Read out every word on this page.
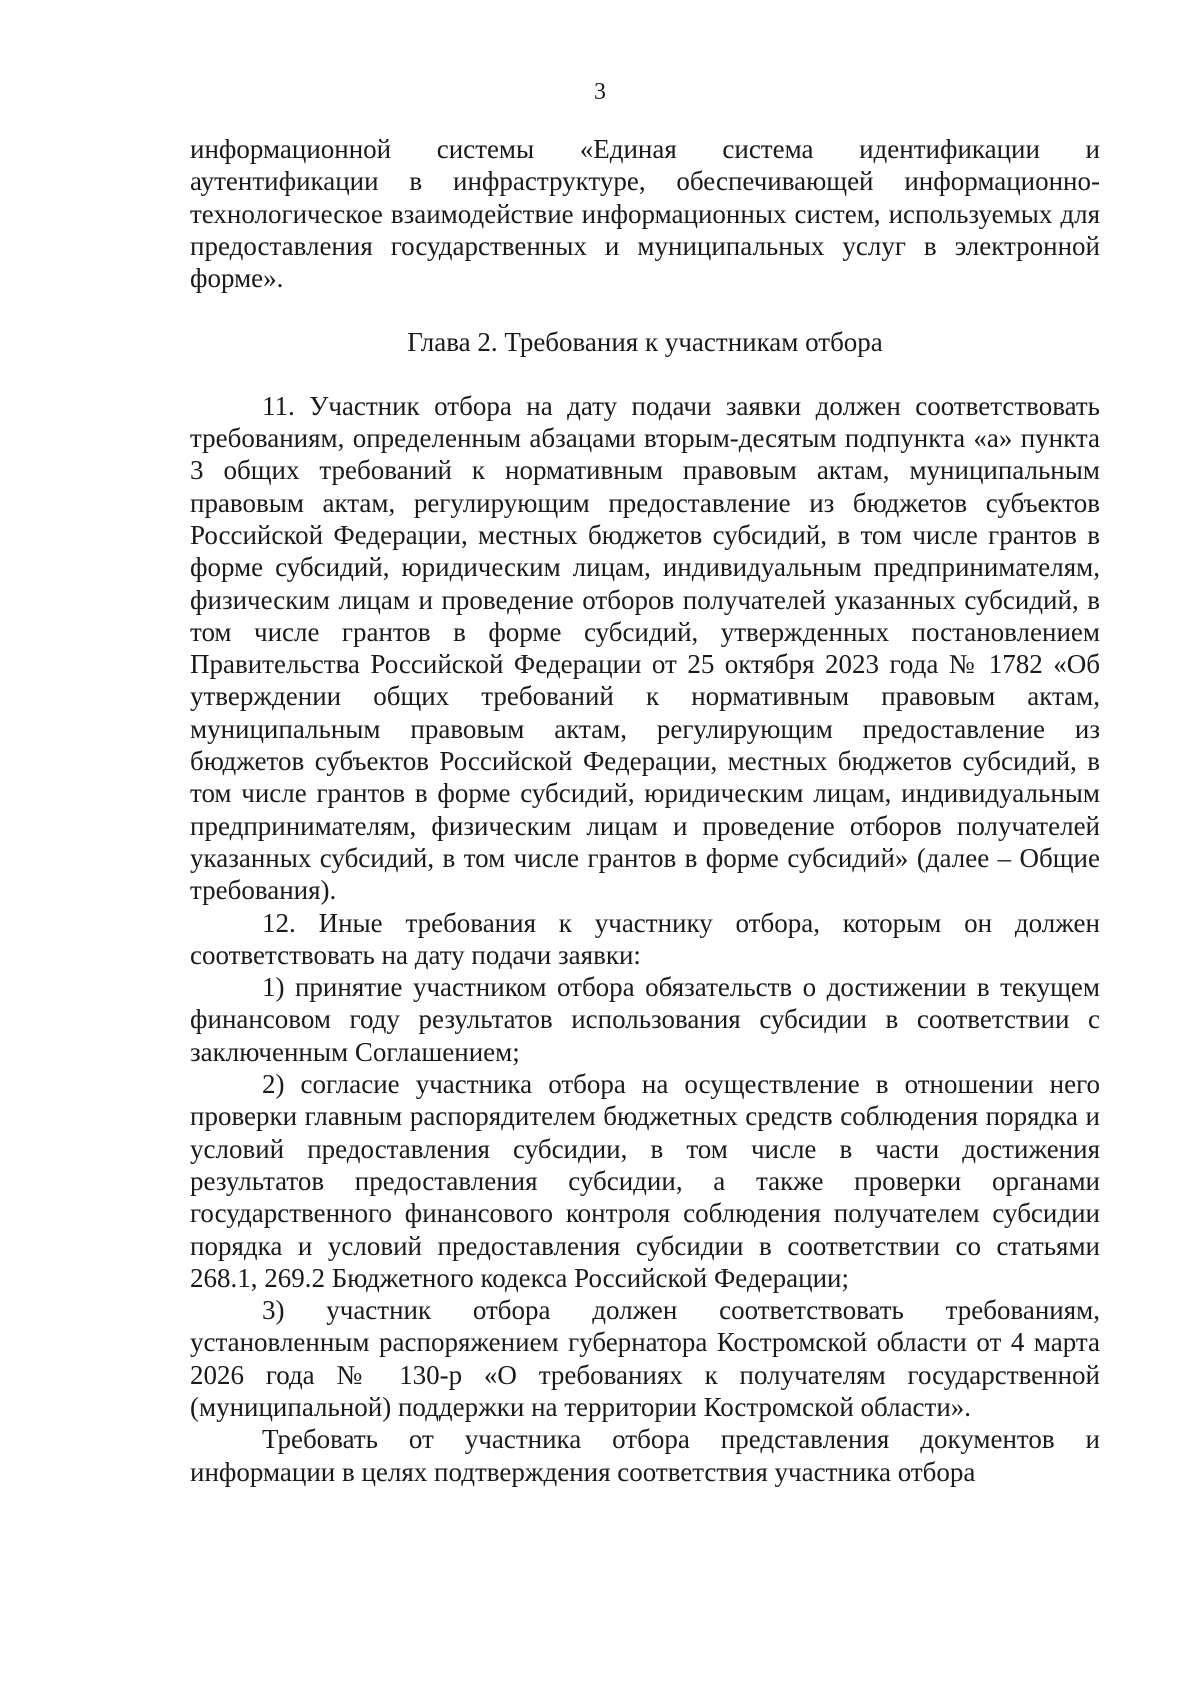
3

информационной системы «Единая система идентификации и аутентификации в инфраструктуре, обеспечивающей информационно-технологическое взаимодействие информационных систем, используемых для предоставления государственных и муниципальных услуг в электронной форме».

Глава 2. Требования к участникам отбора

11. Участник отбора на дату подачи заявки должен соответствовать требованиям, определенным абзацами вторым-десятым подпункта «а» пункта 3 общих требований к нормативным правовым актам, муниципальным правовым актам, регулирующим предоставление из бюджетов субъектов Российской Федерации, местных бюджетов субсидий, в том числе грантов в форме субсидий, юридическим лицам, индивидуальным предпринимателям, физическим лицам и проведение отборов получателей указанных субсидий, в том числе грантов в форме субсидий, утвержденных постановлением Правительства Российской Федерации от 25 октября 2023 года № 1782 «Об утверждении общих требований к нормативным правовым актам, муниципальным правовым актам, регулирующим предоставление из бюджетов субъектов Российской Федерации, местных бюджетов субсидий, в том числе грантов в форме субсидий, юридическим лицам, индивидуальным предпринимателям, физическим лицам и проведение отборов получателей указанных субсидий, в том числе грантов в форме субсидий» (далее – Общие требования).

12. Иные требования к участнику отбора, которым он должен соответствовать на дату подачи заявки:

1) принятие участником отбора обязательств о достижении в текущем финансовом году результатов использования субсидии в соответствии с заключенным Соглашением;

2) согласие участника отбора на осуществление в отношении него проверки главным распорядителем бюджетных средств соблюдения порядка и условий предоставления субсидии, в том числе в части достижения результатов предоставления субсидии, а также проверки органами государственного финансового контроля соблюдения получателем субсидии порядка и условий предоставления субсидии в соответствии со статьями 268.1, 269.2 Бюджетного кодекса Российской Федерации;

3) участник отбора должен соответствовать требованиям, установленным распоряжением губернатора Костромской области от 4 марта 2026 года № 130-р «О требованиях к получателям государственной (муниципальной) поддержки на территории Костромской области».

Требовать от участника отбора представления документов и информации в целях подтверждения соответствия участника отбора
